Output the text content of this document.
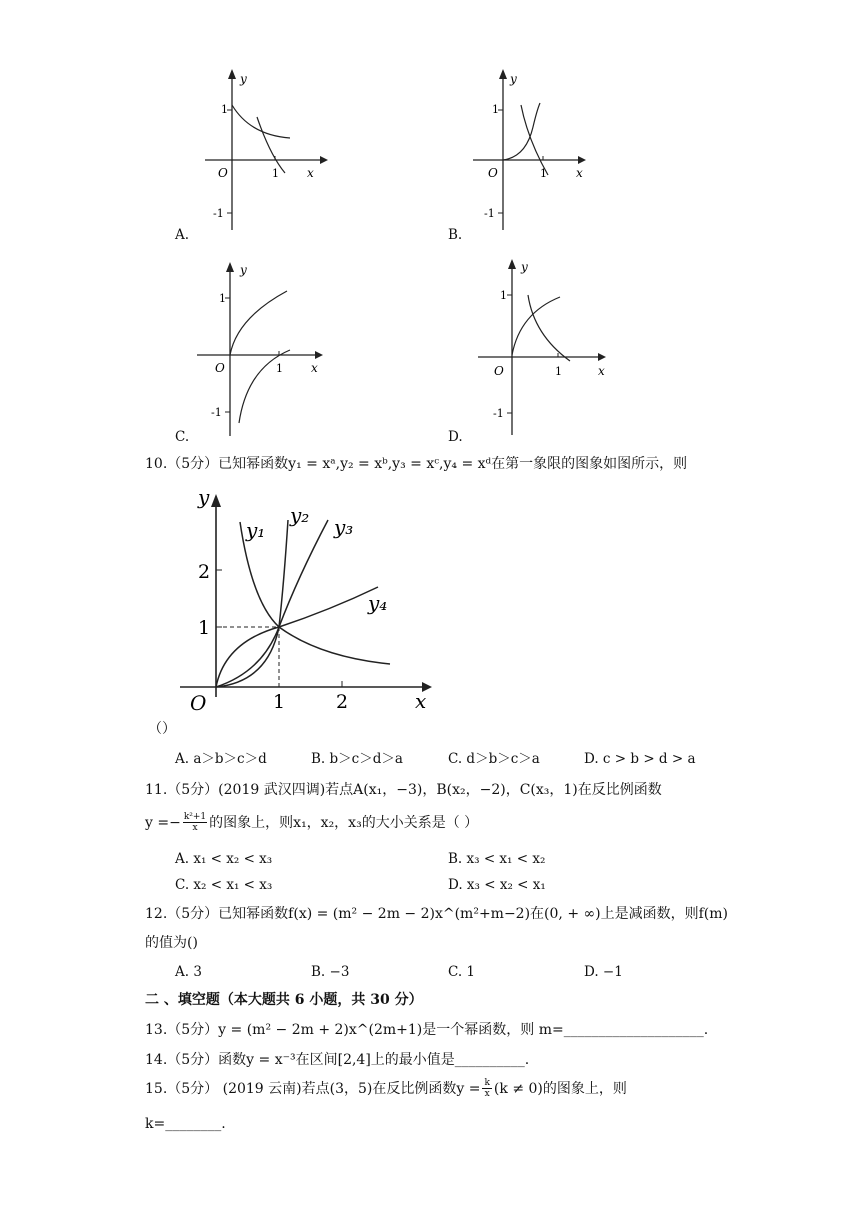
y
x
O
1
1
-1
A.
y
x
O
1
1
-1
B.
y
x
O
1
1
-1
C.
y
x
O
1
1
-1
D.
10.（5分）已知幂函数y₁ = xᵃ,y₂ = xᵇ,y₃ = xᶜ,y₄ = xᵈ在第一象限的图象如图所示，则
y
x
O
2
1
1	2
y₁
y₂ y₃
y₄
（）
A. a＞b＞c＞d	B. b＞c＞d＞a	C. d＞b＞c＞a	D. c > b > d > a
11.（5分）(2019 武汉四调)若点A(x₁，−3)，B(x₂，−2)，C(x₃，1)在反比例函数
$y =- \frac{\text{k²+1}}{x}$ 的图象上，则x₁，x₂，x₃的大小关系是（ ）
A. x₁ < x₂ < x₃	B. x₃ < x₁ < x₂
C. x₂ < x₁ < x₃	D. x₃ < x₂ < x₁
12.（5分）已知幂函数f(x) = (m² − 2m − 2)x^(m²+m−2)在(0, + ∞)上是减函数，则f(m)
的值为()
A. 3	B. −3	C. 1	D. −1
二 、填空题（本大题共 6 小题，共 30 分）
13.（5分）y = (m² − 2m + 2)x^(2m+1)是一个幂函数，则 m=____________________.
14.（5分）函数y = x⁻³在区间[2,4]上的最小值是__________.
15.（5分） (2019 云南)若点(3，5)在反比例函数$y = \frac{k}{x} (k \ne 0)$的图象上，则
k=________.
